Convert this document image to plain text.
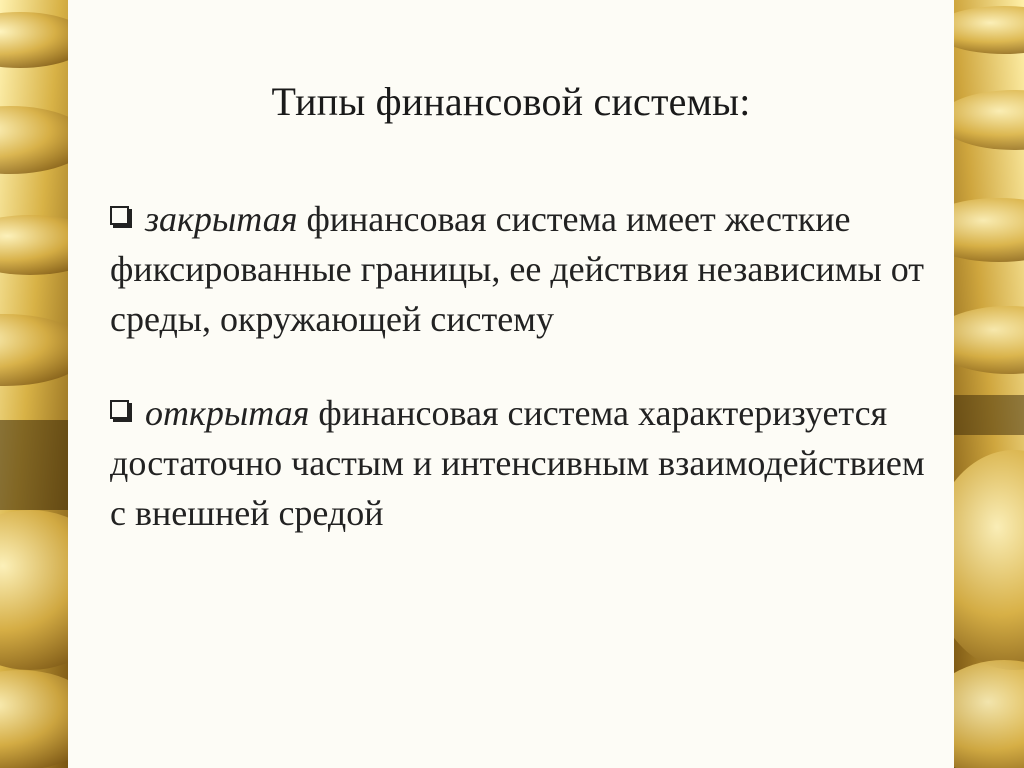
Типы финансовой системы:
закрытая финансовая система имеет жесткие фиксированные границы, ее действия независимы от среды, окружающей систему
открытая финансовая система характеризуется достаточно частым и интенсивным взаимодействием с внешней средой
